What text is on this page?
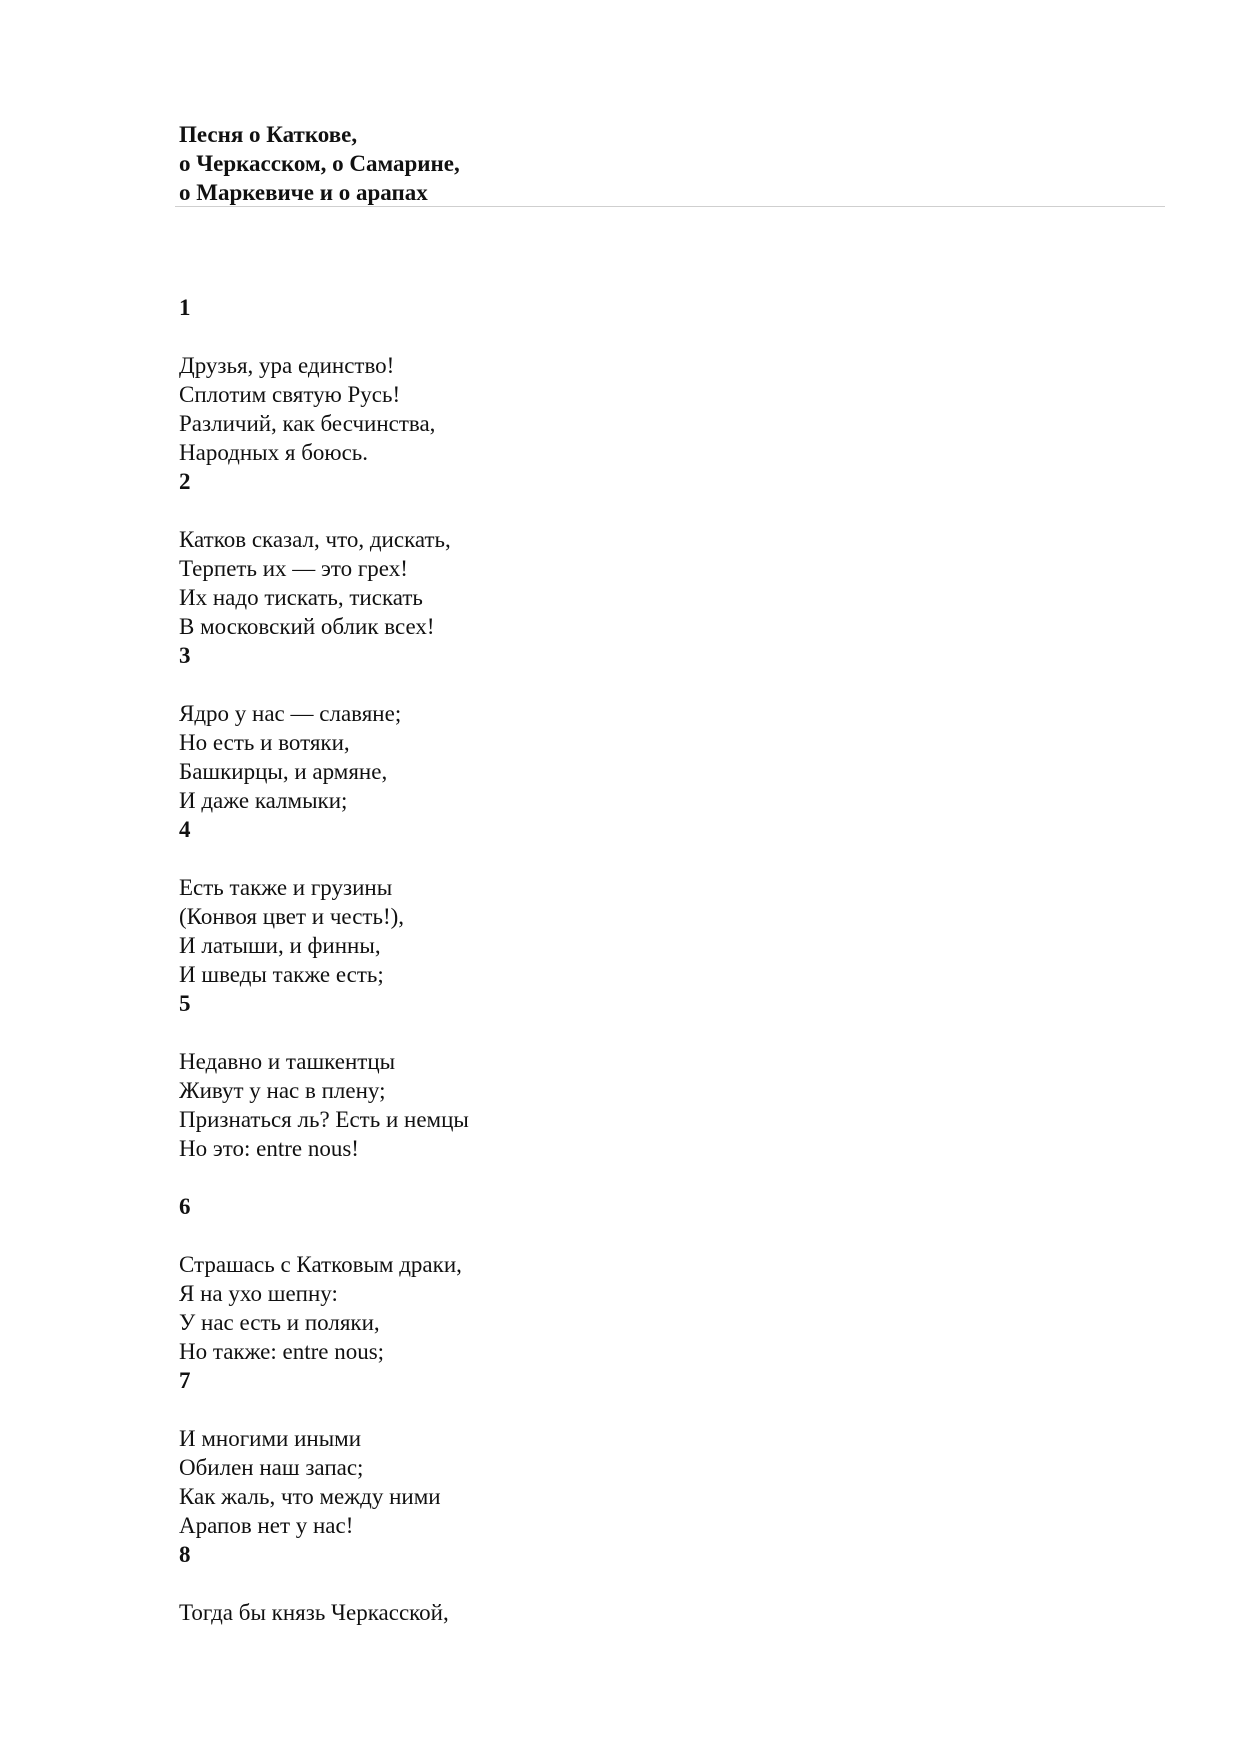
Песня о Каткове,
о Черкасском, о Самарине,
о Маркевиче и о арапах
1
Друзья, ура единство!
Сплотим святую Русь!
Различий, как бесчинства,
Народных я боюсь.
2
Катков сказал, что, дискать,
Терпеть их — это грех!
Их надо тискать, тискать
В московский облик всех!
3
Ядро у нас — славяне;
Но есть и вотяки,
Башкирцы, и армяне,
И даже калмыки;
4
Есть также и грузины
(Конвоя цвет и честь!),
И латыши, и финны,
И шведы также есть;
5
Недавно и ташкентцы
Живут у нас в плену;
Признаться ль? Есть и немцы
Но это: entre nous!
6
Страшась с Катковым драки,
Я на ухо шепну:
У нас есть и поляки,
Но также: entre nous;
7
И многими иными
Обилен наш запас;
Как жаль, что между ними
Арапов нет у нас!
8
Тогда бы князь Черкасской,
